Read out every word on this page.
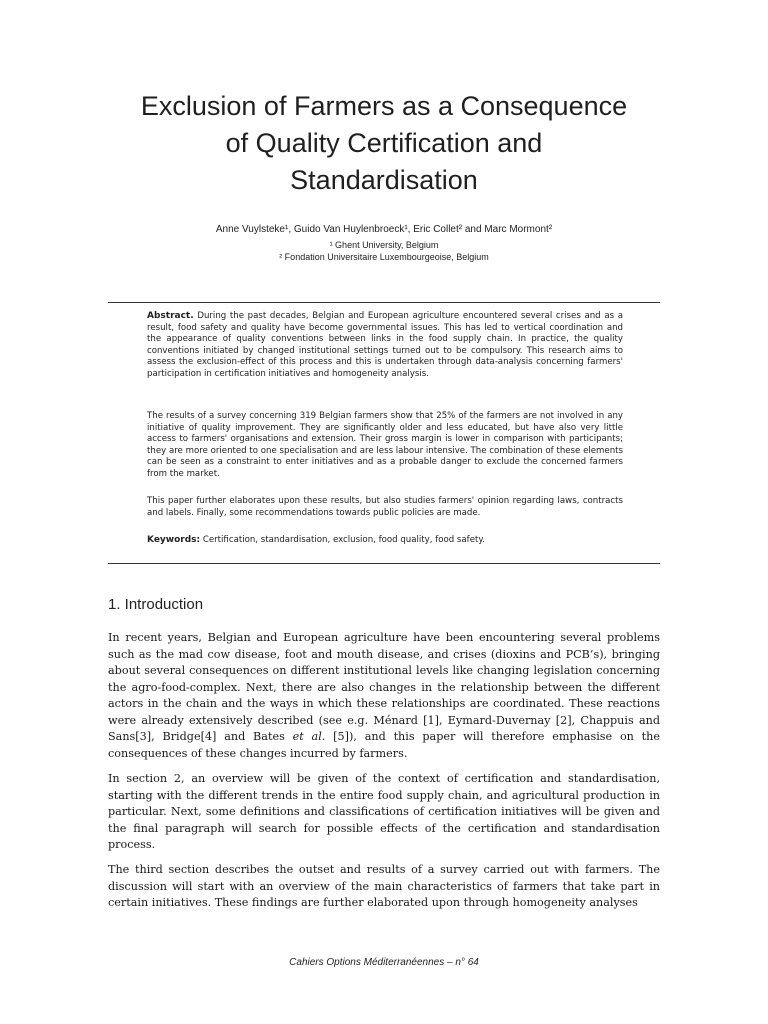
Exclusion of Farmers as a Consequence
of Quality Certification and
Standardisation
Anne Vuylsteke¹, Guido Van Huylenbroeck¹, Eric Collet² and Marc Mormont²
¹ Ghent University, Belgium
² Fondation Universitaire Luxembourgeoise, Belgium

Abstract. During the past decades, Belgian and European agriculture encountered several crises and as a result, food safety and quality have become governmental issues. This has led to vertical coordination and the appearance of quality conventions between links in the food supply chain. In practice, the quality conventions initiated by changed institutional settings turned out to be compulsory. This research aims to assess the exclusion-effect of this process and this is undertaken through data-analysis concerning farmers' participation in certification initiatives and homogeneity analysis.

The results of a survey concerning 319 Belgian farmers show that 25% of the farmers are not involved in any initiative of quality improvement. They are significantly older and less educated, but have also very little access to farmers' organisations and extension. Their gross margin is lower in comparison with participants; they are more oriented to one specialisation and are less labour intensive. The combination of these elements can be seen as a constraint to enter initiatives and as a probable danger to exclude the concerned farmers from the market.

This paper further elaborates upon these results, but also studies farmers' opinion regarding laws, contracts and labels. Finally, some recommendations towards public policies are made.

Keywords: Certification, standardisation, exclusion, food quality, food safety.

1. Introduction

In recent years, Belgian and European agriculture have been encountering several problems such as the mad cow disease, foot and mouth disease, and crises (dioxins and PCB’s), bringing about several consequences on different institutional levels like changing legislation concerning the agro-food-complex. Next, there are also changes in the relationship between the different actors in the chain and the ways in which these relationships are coordinated. These reactions were already extensively described (see e.g. Ménard [1], Eymard-Duvernay [2], Chappuis and Sans[3], Bridge[4] and Bates et al. [5]), and this paper will therefore emphasise on the consequences of these changes incurred by farmers.

In section 2, an overview will be given of the context of certification and standardisation, starting with the different trends in the entire food supply chain, and agricultural production in particular. Next, some definitions and classifications of certification initiatives will be given and the final paragraph will search for possible effects of the certification and standardisation process.

The third section describes the outset and results of a survey carried out with farmers. The discussion will start with an overview of the main characteristics of farmers that take part in certain initiatives. These findings are further elaborated upon through homogeneity analyses

Cahiers Options Méditerranéennes – n° 64
